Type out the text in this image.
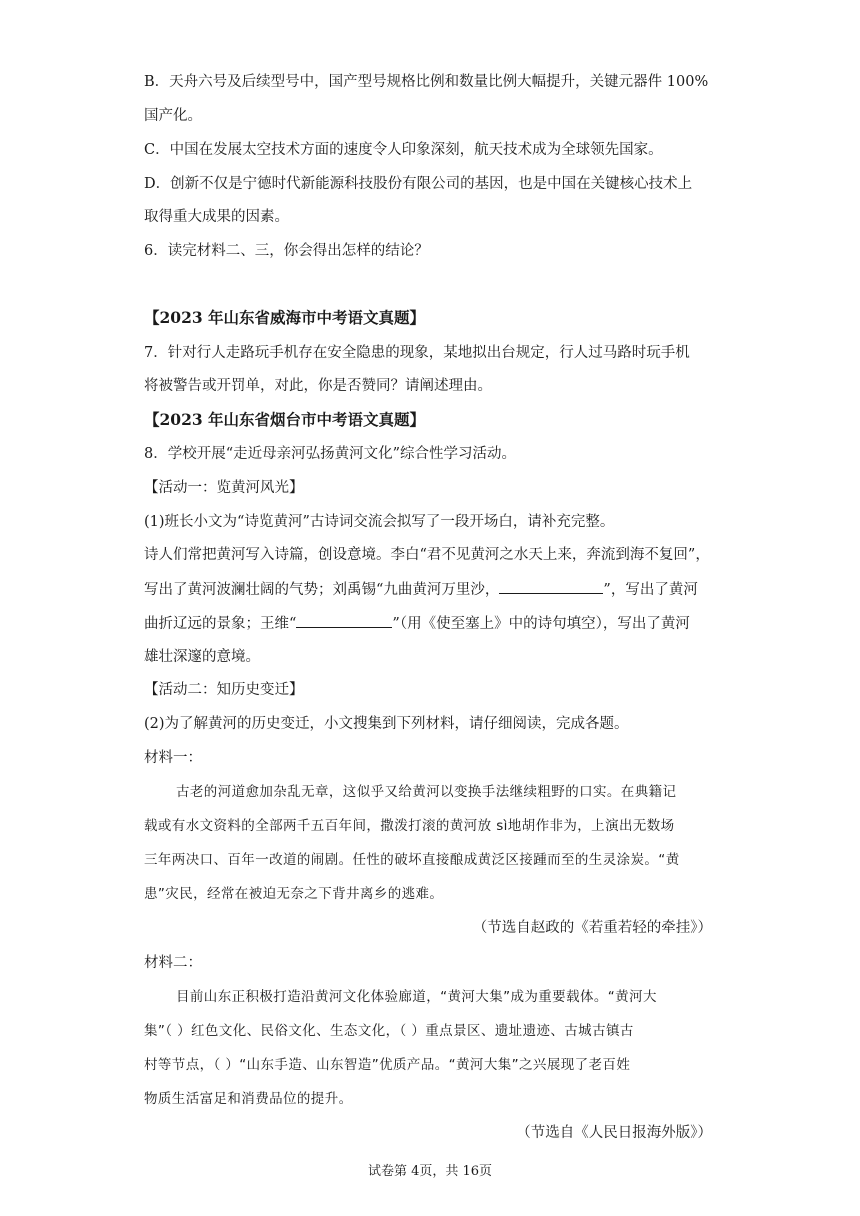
B．天舟六号及后续型号中，国产型号规格比例和数量比例大幅提升，关键元器件 100%
国产化。
C．中国在发展太空技术方面的速度令人印象深刻，航天技术成为全球领先国家。
D．创新不仅是宁德时代新能源科技股份有限公司的基因，也是中国在关键核心技术上
取得重大成果的因素。
6．读完材料二、三，你会得出怎样的结论？
【2023 年山东省威海市中考语文真题】
7．针对行人走路玩手机存在安全隐患的现象，某地拟出台规定，行人过马路时玩手机
将被警告或开罚单，对此，你是否赞同？请阐述理由。
【2023 年山东省烟台市中考语文真题】
8．学校开展“走近母亲河弘扬黄河文化”综合性学习活动。
【活动一：览黄河风光】
(1)班长小文为“诗览黄河”古诗词交流会拟写了一段开场白，请补充完整。
诗人们常把黄河写入诗篇，创设意境。李白“君不见黄河之水天上来，奔流到海不复回”，
写出了黄河波澜壮阔的气势；刘禹锡“九曲黄河万里沙，	”，写出了黄河
曲折辽远的景象；王维“	”（用《使至塞上》中的诗句填空），写出了黄河
雄壮深邃的意境。
【活动二：知历史变迁】
(2)为了解黄河的历史变迁，小文搜集到下列材料，请仔细阅读，完成各题。
材料一：
古老的河道愈加杂乱无章，这似乎又给黄河以变换手法继续粗野的口实。在典籍记
载或有水文资料的全部两千五百年间，撒泼打滚的黄河放 sì地胡作非为，上演出无数场
三年两决口、百年一改道的闹剧。任性的破坏直接酿成黄泛区接踵而至的生灵涂炭。“黄
患”灾民，经常在被迫无奈之下背井离乡的逃难。
（节选自赵政的《若重若轻的牵挂》）
材料二：
目前山东正积极打造沿黄河文化体验廊道，“黄河大集”成为重要载体。“黄河大
集”（ ）红色文化、民俗文化、生态文化，（ ）重点景区、遗址遗迹、古城古镇古
村等节点，（ ）“山东手造、山东智造”优质产品。“黄河大集”之兴展现了老百姓
物质生活富足和消费品位的提升。
（节选自《人民日报海外版》）
试卷第 4页，共 16页
